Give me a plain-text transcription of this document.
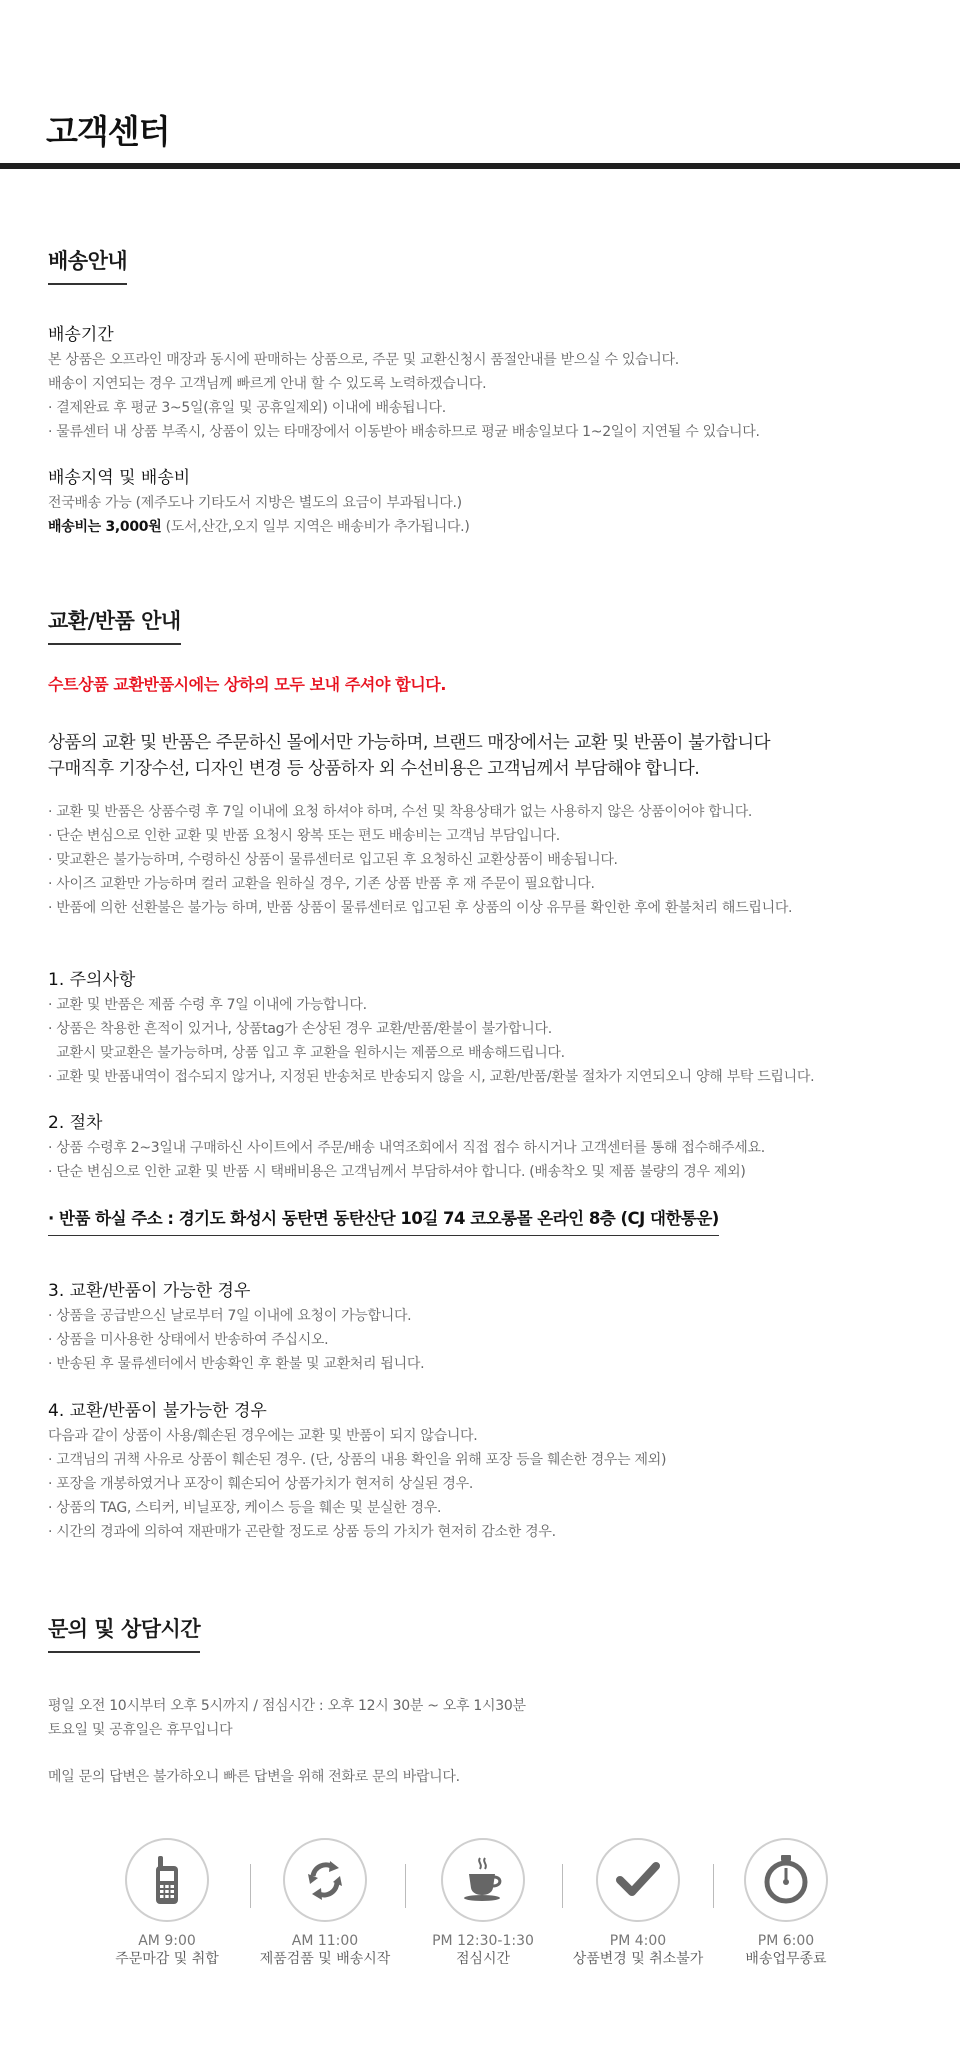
고객센터
배송안내

배송기간

본 상품은 오프라인 매장과 동시에 판매하는 상품으로, 주문 및 교환신청시 품절안내를 받으실 수 있습니다.

배송이 지연되는 경우 고객님께 빠르게 안내 할 수 있도록 노력하겠습니다.

· 결제완료 후 평균 3~5일(휴일 및 공휴일제외) 이내에 배송됩니다.

· 물류센터 내 상품 부족시, 상품이 있는 타매장에서 이동받아 배송하므로 평균 배송일보다 1~2일이 지연될 수 있습니다.

배송지역 및 배송비

전국배송 가능 (제주도나 기타도서 지방은 별도의 요금이 부과됩니다.)

배송비는 3,000원 (도서,산간,오지 일부 지역은 배송비가 추가됩니다.)

교환/반품 안내
수트상품 교환반품시에는 상하의 모두 보내 주셔야 합니다.
상품의 교환 및 반품은 주문하신 몰에서만 가능하며, 브랜드 매장에서는 교환 및 반품이 불가합니다
구매직후 기장수선, 디자인 변경 등 상품하자 외 수선비용은 고객님께서 부담해야 합니다.

· 교환 및 반품은 상품수령 후 7일 이내에 요청 하셔야 하며, 수선 및 착용상태가 없는 사용하지 않은 상품이어야 합니다.

· 단순 변심으로 인한 교환 및 반품 요청시 왕복 또는 편도 배송비는 고객님 부담입니다.

· 맞교환은 불가능하며, 수령하신 상품이 물류센터로 입고된 후 요청하신 교환상품이 배송됩니다.

· 사이즈 교환만 가능하며 컬러 교환을 원하실 경우, 기존 상품 반품 후 재 주문이 필요합니다.

· 반품에 의한 선환불은 불가능 하며, 반품 상품이 물류센터로 입고된 후 상품의 이상 유무를 확인한 후에 환불처리 해드립니다.

1. 주의사항

· 교환 및 반품은 제품 수령 후 7일 이내에 가능합니다.

· 상품은 착용한 흔적이 있거나, 상품tag가 손상된 경우 교환/반품/환불이 불가합니다.

교환시 맞교환은 불가능하며, 상품 입고 후 교환을 원하시는 제품으로 배송해드립니다.

· 교환 및 반품내역이 접수되지 않거나, 지정된 반송처로 반송되지 않을 시, 교환/반품/환불 절차가 지연되오니 양해 부탁 드립니다.

2. 절차

· 상품 수령후 2~3일내 구매하신 사이트에서 주문/배송 내역조회에서 직접 접수 하시거나 고객센터를 통해 접수해주세요.

· 단순 변심으로 인한 교환 및 반품 시 택배비용은 고객님께서 부담하셔야 합니다. (배송착오 및 제품 불량의 경우 제외)

· 반품 하실 주소 : 경기도 화성시 동탄면 동탄산단 10길 74 코오롱몰 온라인 8층 (CJ 대한통운)

3. 교환/반품이 가능한 경우

· 상품을 공급받으신 날로부터 7일 이내에 요청이 가능합니다.

· 상품을 미사용한 상태에서 반송하여 주십시오.

· 반송된 후 물류센터에서 반송확인 후 환불 및 교환처리 됩니다.

4. 교환/반품이 불가능한 경우

다음과 같이 상품이 사용/훼손된 경우에는 교환 및 반품이 되지 않습니다.

· 고객님의 귀책 사유로 상품이 훼손된 경우. (단, 상품의 내용 확인을 위해 포장 등을 훼손한 경우는 제외)

· 포장을 개봉하였거나 포장이 훼손되어 상품가치가 현저히 상실된 경우.

· 상품의 TAG, 스티커, 비닐포장, 케이스 등을 훼손 및 분실한 경우.

· 시간의 경과에 의하여 재판매가 곤란할 정도로 상품 등의 가치가 현저히 감소한 경우.

문의 및 상담시간

평일 오전 10시부터 오후 5시까지 / 점심시간 : 오후 12시 30분 ~ 오후 1시30분

토요일 및 공휴일은 휴무입니다

메일 문의 답변은 불가하오니 빠른 답변을 위해 전화로 문의 바랍니다.

AM 9:00
주문마감 및 취합
AM 11:00
제품검품 및 배송시작
PM 12:30-1:30
점심시간
PM 4:00
상품변경 및 취소불가
PM 6:00
배송업무종료
